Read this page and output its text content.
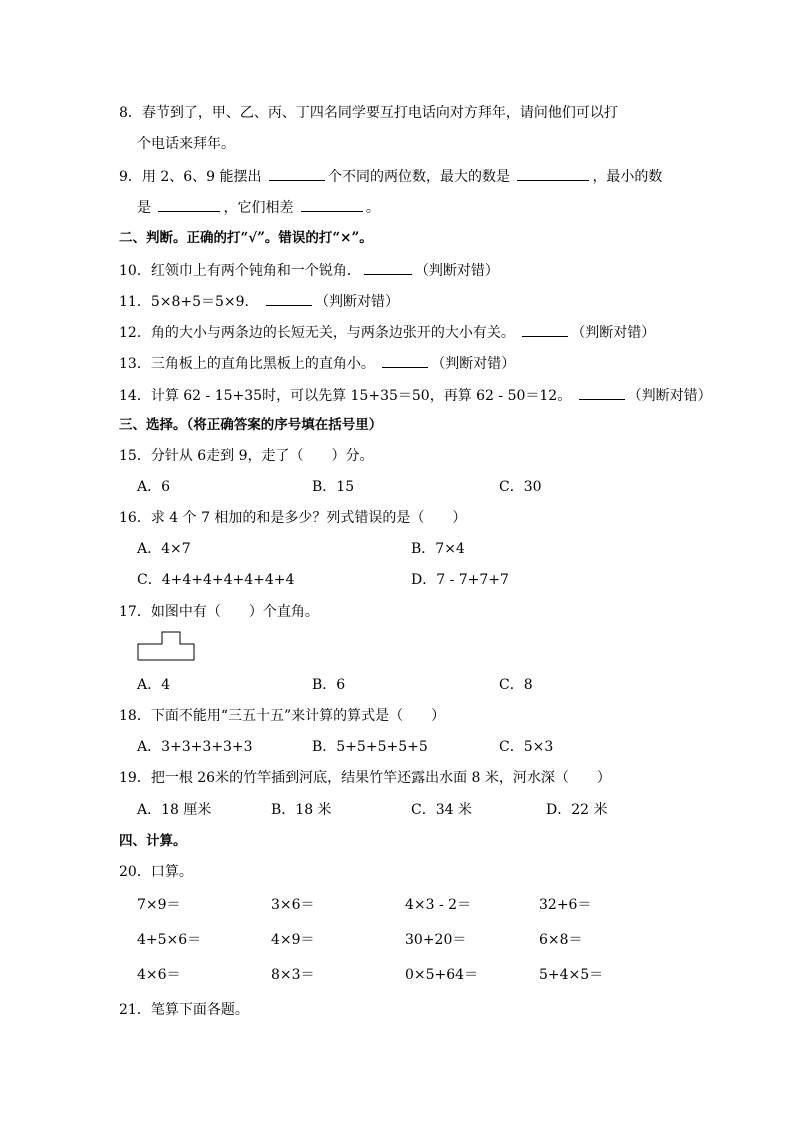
8．春节到了，甲、乙、丙、丁四名同学要互打电话向对方拜年，请问他们可以打
个电话来拜年。
9．用 2、6、9 能摆出	个不同的两位数，最大的数是	，最小的数
是	，它们相差	。
二、判断。正确的打“√”。错误的打“×”。
10．红领巾上有两个钝角和一个锐角．	（判断对错）
11．5×8+5＝5×9．	（判断对错）
12．角的大小与两条边的长短无关，与两条边张开的大小有关。	（判断对错）
13．三角板上的直角比黑板上的直角小。	（判断对错）
14．计算 62 - 15+35时，可以先算 15+35＝50，再算 62 - 50＝12。	（判断对错）
三、选择。（将正确答案的序号填在括号里）
15．分针从 6走到 9，走了（　　）分。
A．6	B．15	C．30
16．求 4 个 7 相加的和是多少？列式错误的是（　　）
A．4×7	B．7×4
C．4+4+4+4+4+4+4	D．7 - 7+7+7
17．如图中有（　　）个直角。
A．4	B．6	C．8
18．下面不能用“三五十五”来计算的算式是（　　）
A．3+3+3+3+3	B．5+5+5+5+5	C．5×3
19．把一根 26米的竹竿插到河底，结果竹竿还露出水面 8 米，河水深（　　）
A．18 厘米	B．18 米	C．34 米	D．22 米
四、计算。
20．口算。
7×9＝	3×6＝	4×3 - 2＝	32+6＝
4+5×6＝	4×9＝	30+20＝	6×8＝
4×6＝	8×3＝	0×5+64＝	5+4×5＝
21．笔算下面各题。
